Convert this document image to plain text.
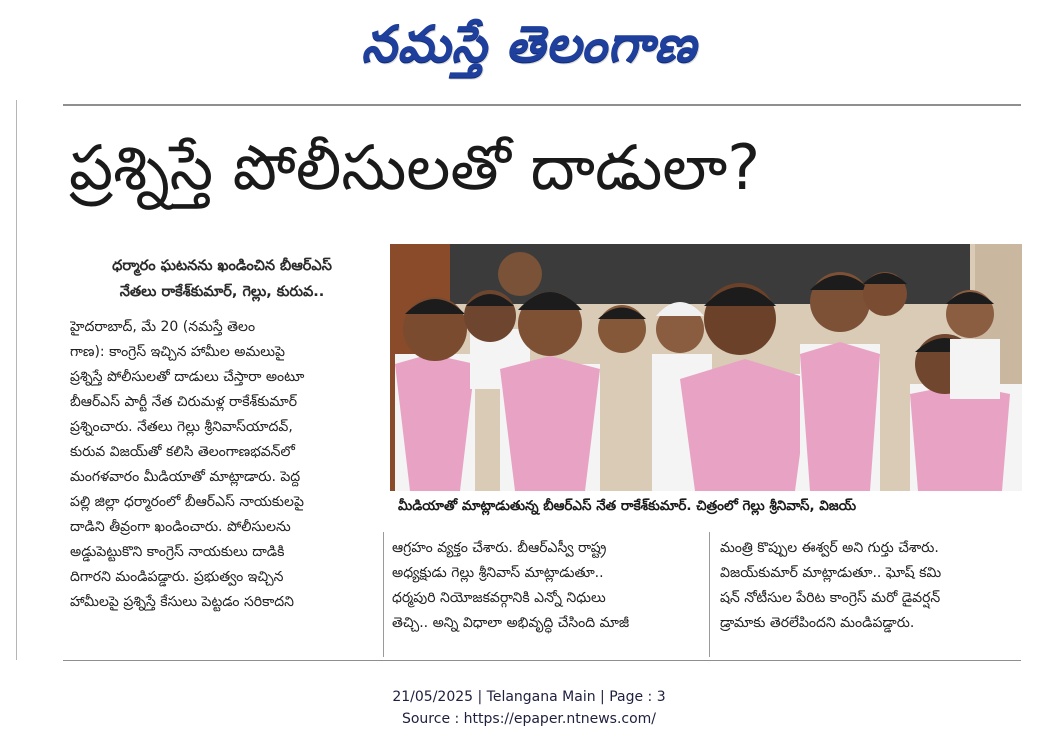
నమస్తే తెలంగాణ
ప్రశ్నిస్తే పోలీసులతో దాడులా?
ధర్మారం ఘటనను ఖండించిన బీఆర్‌ఎస్
నేతలు రాకేశ్‌కుమార్‌, గెల్లు, కురువ..
హైదరాబాద్‌, మే 20 (నమస్తే తెలం
గాణ): కాంగ్రెస్‌ ఇచ్చిన హామీల అమలుపై
ప్రశ్నిస్తే పోలీసులతో దాడులు చేస్తారా అంటూ
బీఆర్‌ఎస్‌ పార్టీ నేత చిరుమళ్ల రాకేశ్‌కుమార్‌
ప్రశ్నించారు. నేతలు గెల్లు శ్రీనివాస్‌యాదవ్‌,
కురువ విజయ్‌తో కలిసి తెలంగాణభవన్‌లో
మంగళవారం మీడియాతో మాట్లాడారు. పెద్ద
పల్లి జిల్లా ధర్మారంలో బీఆర్‌ఎస్‌ నాయకులపై
దాడిని తీవ్రంగా ఖండించారు. పోలీసులను
అడ్డుపెట్టుకొని కాంగ్రెస్‌ నాయకులు దాడికి
దిగారని మండిపడ్డారు. ప్రభుత్వం ఇచ్చిన
హామీలపై ప్రశ్నిస్తే కేసులు పెట్టడం సరికాదని
మీడియాతో మాట్లాడుతున్న బీఆర్‌ఎస్‌ నేత రాకేశ్‌కుమార్‌. చిత్రంలో గెల్లు శ్రీనివాస్‌, విజయ్‌
ఆగ్రహం వ్యక్తం చేశారు. బీఆర్‌ఎస్వీ రాష్ట్ర
అధ్యక్షుడు గెల్లు శ్రీనివాస్‌ మాట్లాడుతూ..
ధర్మపురి నియోజకవర్గానికి ఎన్నో నిధులు
తెచ్చి.. అన్ని విధాలా అభివృద్ధి చేసింది మాజీ
మంత్రి కొప్పుల ఈశ్వర్‌ అని గుర్తు చేశారు.
విజయ్‌కుమార్‌ మాట్లాడుతూ.. ఘోష్‌ కమి
షన్‌ నోటీసుల పేరిట కాంగ్రెస్‌ మరో డైవర్షన్‌
డ్రామాకు తెరలేపిందని మండిపడ్డారు.
21/05/2025 | Telangana Main | Page : 3
Source : https://epaper.ntnews.com/
